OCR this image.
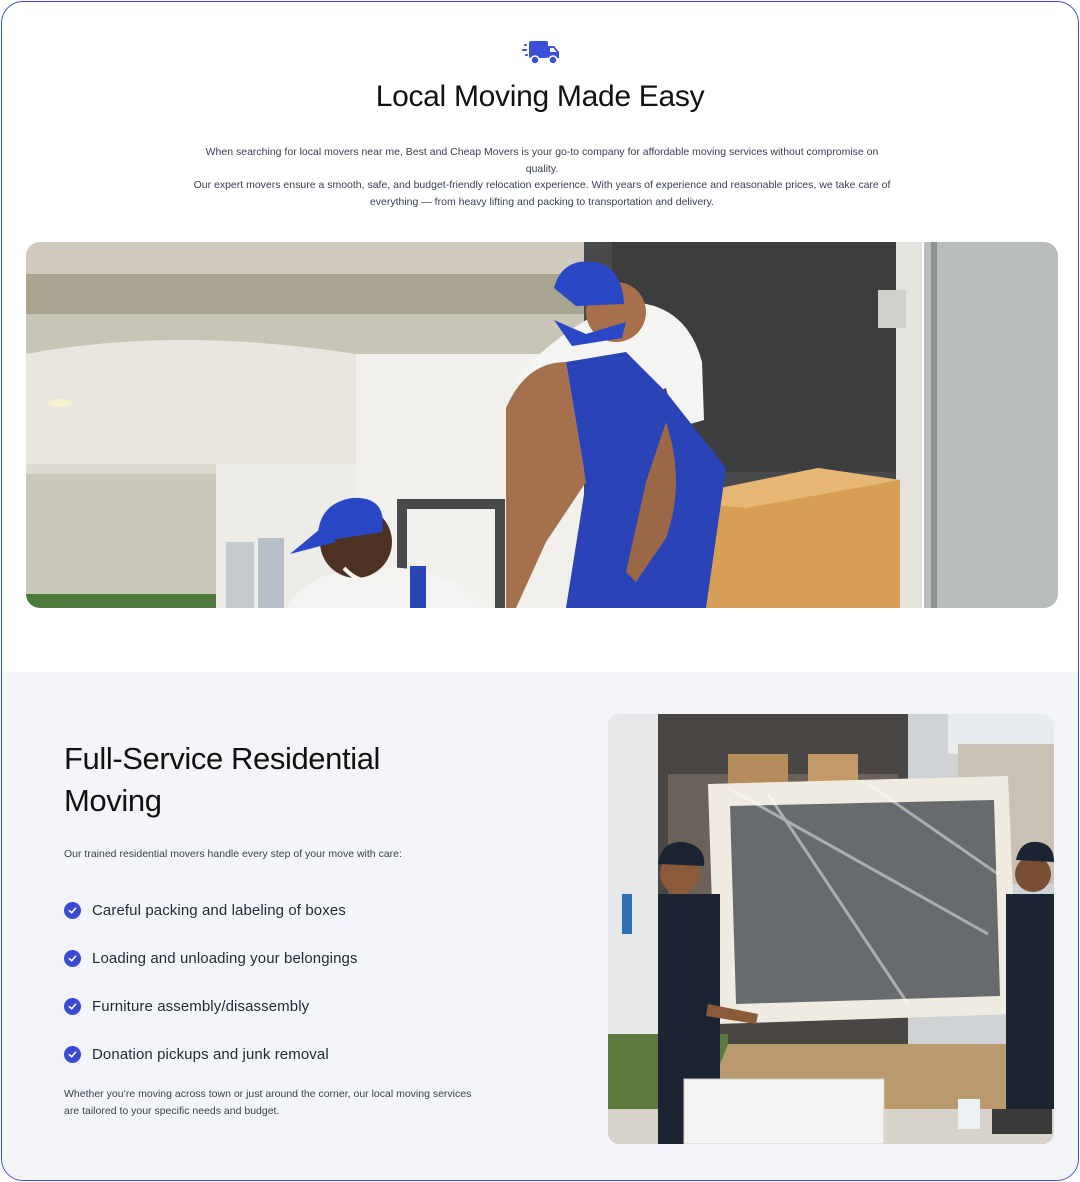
Local Moving Made Easy

When searching for local movers near me, Best and Cheap Movers is your go-to company for affordable moving services without compromise on quality.

Our expert movers ensure a smooth, safe, and budget-friendly relocation experience. With years of experience and reasonable prices, we take care of everything — from heavy lifting and packing to transportation and delivery.

Full-Service Residential Moving
Our trained residential movers handle every step of your move with care:
Careful packing and labeling of boxes
Loading and unloading your belongings
Furniture assembly/disassembly
Donation pickups and junk removal
Whether you’re moving across town or just around the corner, our local moving services are tailored to your specific needs and budget.
